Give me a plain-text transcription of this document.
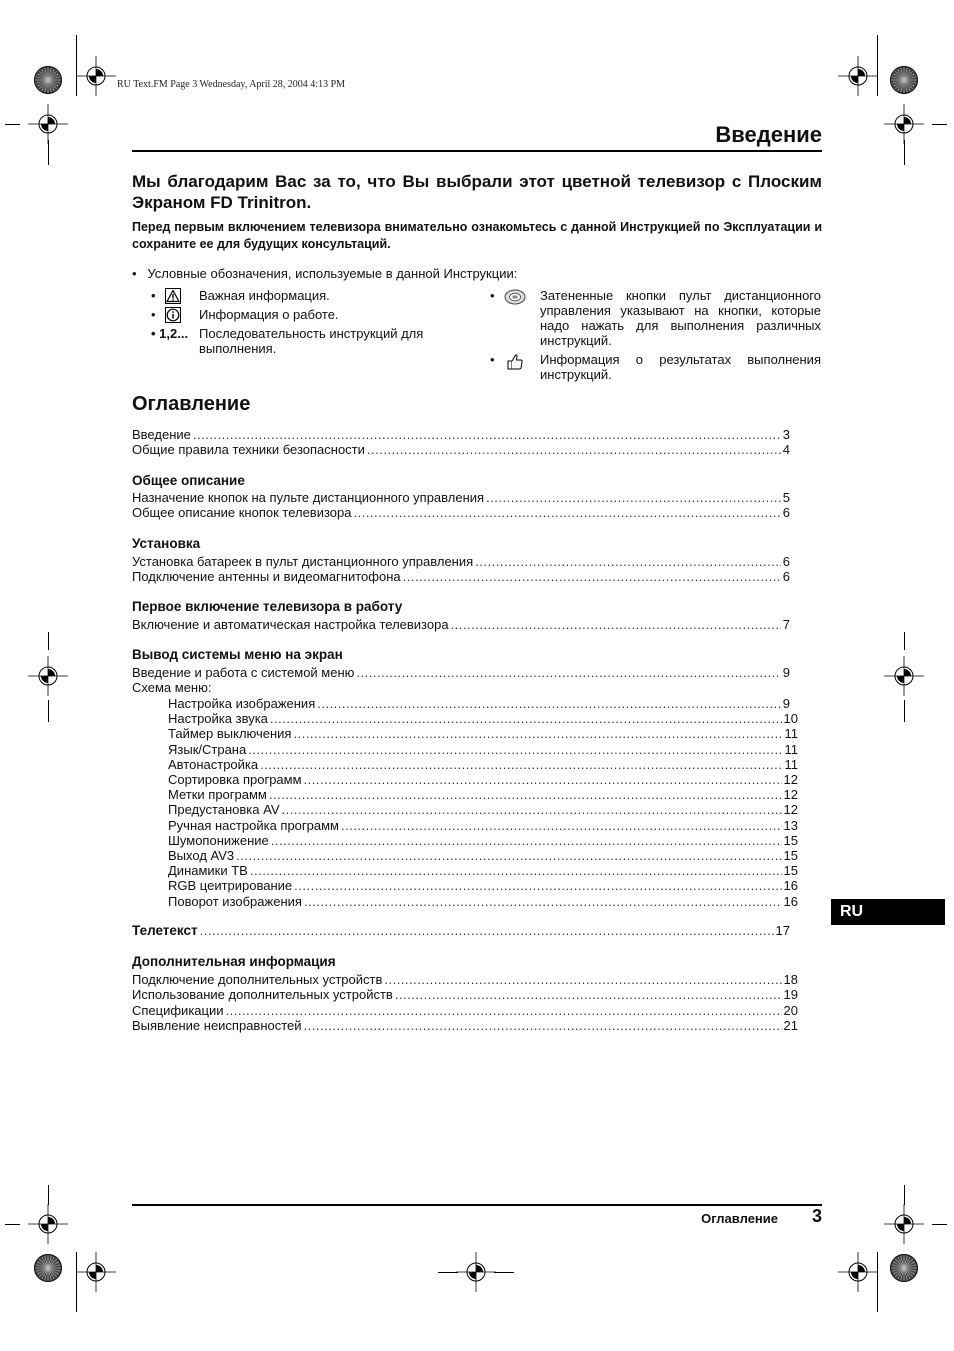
RU Text.FM Page 3 Wednesday, April 28, 2004 4:13 PM
Введение
Мы благодарим Вас за то, что Вы выбрали этот цветной телевизор с Плоским Экраном FD Trinitron.
Перед первым включением телевизора внимательно ознакомьтесь с данной Инструкцией по Эксплуатации и сохраните ее для будущих консультаций.
• Условные обозначения, используемые в данной Инструкции:
•	Важная информация.
•	Информация о работе.
• 1,2... Последовательность инструкций для выполнения.
•	Затененные кнопки пульт дистанционного управления указывают на кнопки, которые надо нажать для выполнения различных инструкций.
•	Информация о результатах выполнения инструкций.
Оглавление
Введение .....	3
Общие правила техники безопасности .....	4
Общее описание
Назначение кнопок на пульте дистанционного управления .....	5
Общее описание кнопок телевизора .....	6
Установка
Установка батареек в пульт дистанционного управления .....	6
Подключение антенны и видеомагнитофона .....	6
Первое включение телевизора в работу
Включение и автоматическая настройка телевизора .....	7
Вывод системы меню на экран
Введение и работа с системой меню .....	9
Схема меню:
Настройка изображения .....	9
Настройка звука .....	10
Таймер выключения .....	11
Язык/Страна .....	11
Автонастройка .....	11
Сортировка программ .....	12
Метки программ .....	12
Предустановка AV .....	12
Ручная настройка программ .....	13
Шумопонижение .....	15
Выход AV3 .....	15
Динамики ТВ .....	15
RGB цеитрирование .....	16
Поворот изображения .....	16
Телетекст .....	17
Дополнительная информация
Подключение дополнительных устройств .....	18
Использование дополнительных устройств .....	19
Спецификации .....	20
Выявление неисправностей .....	21
RU
Оглавление	3
